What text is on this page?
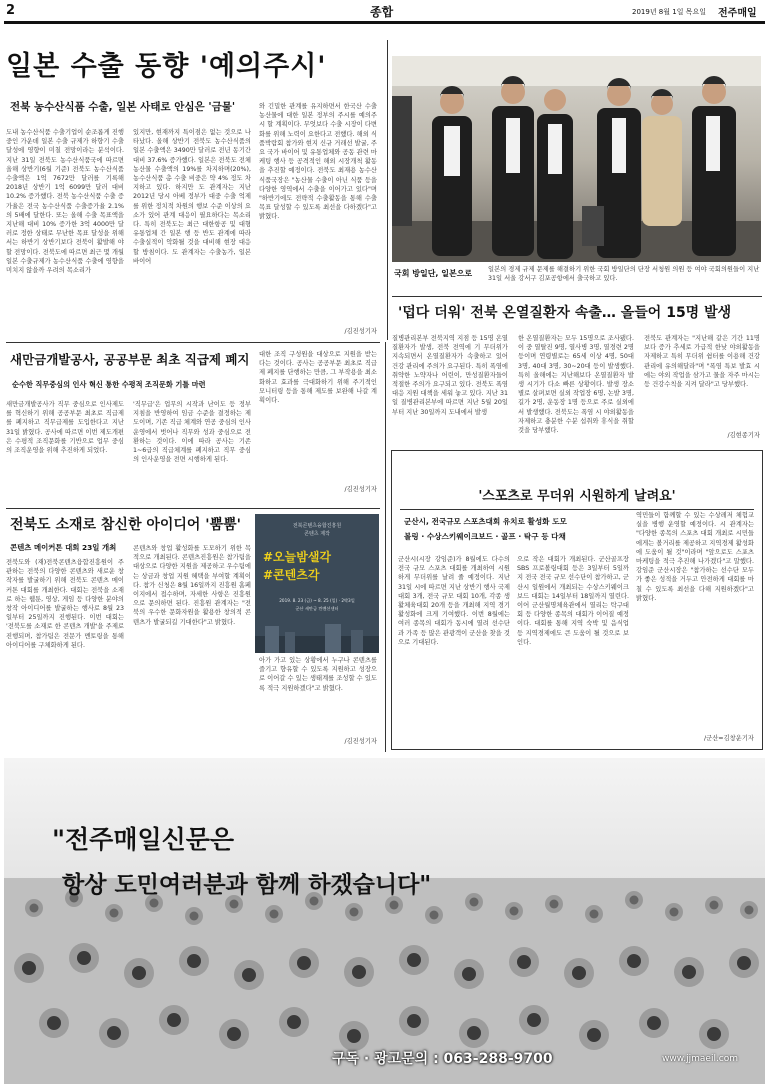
2	종합	2019년 8월 1일 목요일 전주매일
일본 수출 동향 '예의주시'
전북 농수산식품 수출, 일본 사태로 안심은 '금물'
도내 농수산식품 수출기업이 순조롭게 진행 중인 가운데 일본 수출 규제가 하향기 수출 달성에 영향이 미칠 전망이라는 분석이다. 지난 31일 전북도 농수산식품국에 따르면 올해 상반기(6월 기준) 전북도 농수산식품 수출액은 1억 7672만 달러를 기록해 2018년 상반기 1억 6099만 달러 대비 10.2% 증가했다. 전북 농수산식품 수출 증가율은 전국 농수산식품 수출증가율 2.1%의 5배에 달한다. 또는 올해 수출 목표액을 지난해 대비 10% 증가한 3억 4000만 달러로 정한 상태로 무난한 목표 달성을 위해 서는 하반기 상반기보다 전북이 활발해 야 할 전망이다. 전북도에 따르면 최근 몇 개월 일본 수출규제가 농수산식품 수출에 영향을 미치지 않을까 우려의 목소리가
있지만, 현재까지 특이점은 없는 것으로 나타났다. 올해 상반기 전북도 농수산식품의 일본 수출액은 3490만 달러로 전년 동기간 대비 37.6% 증가했다. 일본은 전북도 전체 농산물 수출액의 19%를 차지하며(20%), 농수산식품 총 수출 비중은 약 4% 정도 차지하고 있다. 하지만 도 관계자는 지난 2012년 당시 아베 정부가 대중 수출 억제를 위한 정치적 차원의 행보 수준 이상의 요소가 있어 관계 대응이 필요하다는 목소리다. 특히 전북도는 최근 대한항공 및 대형 유통업체 간 일본 행 등 반도 관계에 따라 수출실적이 악화될 것을 대비해 현장 대응할 방침이다. 도 관계자는 수출농가, 일본 바이어
와 긴밀한 관계를 유지하면서 한국산 수출농산물에 대한 일본 정부의 주시를 예의주시 할 계획이다. 무엇보다 수출 시장이 다변화를 위해 노력이 요한다고 전했다. 해외 식품박람회 참가와 현지 신규 거래선 발굴, 주요 국가 바이어 및 유통업체와 공동 관련 마케팅 행사 등 공격적인 해외 시장개척 활동을 추진할 예정이다. 전북도 최재용 농수산식품국장은 "농산물 수출이 아닌 식품 등을 다양한 영역에서 수출을 이어가고 있다"며 "하반기에도 전략적 수출활동을 통해 수출 목표 달성할 수 있도록 최선을 다하겠다"고 밝혔다.
/김진성기자
국회 방일단, 일본으로	일본의 경제 규제 문제를 해결하기 위한 국회 방일단의 단장 서청원 의원 등 여야 국회의원들이 지난 31일 서울 강서구 김포공항에서 출국하고 있다.
'덥다 더워' 전북 온열질환자 속출… 올들어 15명 발생
질병관리본부 전북지역 지점 등 15명 온열질환자가 발생, 전북 전역에 기 무더위가 지속되면서 온열질환자가 속출하고 있어 건강 관리에 주의가 요구된다. 특히 폭염에 취약한 노약자나 어린이, 만성질환자들이 적절한 주의가 요구되고 있다. 전북도 폭염 대응 지원 대책을 세워 놓고 있다. 지난 31일 질병관리본부에 따르면 지난 5월 20일부터 지난 30일까지 도내에서 발생
한 온열질환자는 모두 15명으로 조사됐다. 이 중 열탈진 9명, 열사병 3명, 열경련 2명 등이며 연령별로는 65세 이상 4명, 50대 3명, 40대 3명, 30~20대 등이 발생했다. 특히 올해에는 지난해보다 온열질환자 발생 시기가 다소 빠른 상황이다. 발생 장소별로 살펴보면 실외 작업장 6명, 논밭 3명, 길가 2명, 운동장 1명 등으로 주로 실외에서 발생했다. 전북도는 폭염 시 야외활동을 자제하고 충분한 수분 섭취와 휴식을 취할 것을 당부했다.
전북도 관계자는 "지난해 같은 기간 11명보다 증가 추세로 가급적 한낮 야외활동을 자제하고 특히 무더위 쉼터를 이용해 건강관리에 유의해달라"며 "폭염 특보 발효 시에는 야외 작업을 삼가고 물을 자주 마시는 등 건강수칙을 지켜 달라"고 당부했다.
/김현종기자
새만금개발공사, 공공부문 최초 직급제 폐지
순수한 직무중심의 인사 혁신 통한 수평적 조직문화 기틀 마련
새만금개발공사가 직무 중심으로 인사제도를 혁신하기 위해 공공부문 최초로 직급제를 폐지하고 직무급제를 도입한다고 지난 31일 밝혔다. 공사에 따르면 이번 제도개편은 수평적 조직문화를 기반으로 업무 중심의 조직운영을 위해 추진하게 되었다.
'직무급'은 업무의 시작과 난이도 등 정부 지침을 반영하여 임금 수준을 결정하는 제도이며, 기존 직급 체계와 연공 중심의 인사운영에서 벗어나 직무와 성과 중심으로 전환하는 것이다. 이에 따라 공사는 기존 1~6급의 직급체계를 폐지하고 직무 중심의 인사운영을 전면 시행하게 된다.
대한 조직 구성원을 대상으로 지원을 받는다는 것이다. 공사는 공공부문 최초로 직급제 폐지를 단행하는 만큼, 그 부작용을 최소화하고 효과를 극대화하기 위해 주기적인 모니터링 등을 통해 제도를 보완해 나갈 계획이다.
/김진성기자	'스포츠로 무더위 시원하게 날려요'
군산시, 전국규모 스포츠대회 유치로 활성화 도모
볼링 · 수상스키웨이크보드 · 골프 · 탁구 등 다채
군산시(시장 강임준)가 8월에도 다수의 전국 규모 스포츠 대회를 개최하여 시원하게 무더위를 날려 줄 예정이다. 지난 31일 시에 따르면 지난 상반기 행사 국제대회 3개, 전국 규모 대회 10개, 각종 생활체육대회 20개 등을 개최해 지역 경기 활성화에 크게 기여했다. 이번 8월에는 여러 종목의 대회가 동시에 열려 선수단과 가족 등 많은 관광객이 군산을 찾을 것으로 기대된다.
으로 작은 대회가 개최된다. 군산골프장 SBS 프로볼링대회 등은 3일부터 5일까지 전국 전국 규모 선수단이 참가하고, 군산시 일원에서 개최되는 수상스키웨이크보드 대회는 14일부터 18일까지 열린다. 이어 군산월명체육관에서 열리는 탁구대회 등 다양한 종목의 대회가 이어질 예정이다. 대회를 통해 지역 숙박 및 음식업 등 지역경제에도 큰 도움이 될 것으로 보인다.
역민들이 함께할 수 있는 수상레저 체험교실을 병행 운영할 예정이다. 시 관계자는 "다양한 종목의 스포츠 대회 개최로 시민들에게는 볼거리를 제공하고 지역경제 활성화에 도움이 될 것"이라며 "앞으로도 스포츠 마케팅을 적극 추진해 나가겠다"고 말했다. 강임준 군산시장은 "참가하는 선수단 모두가 좋은 성적을 거두고 안전하게 대회를 마칠 수 있도록 최선을 다해 지원하겠다"고 밝혔다.
/군산=김창운기자
전북도 소재로 참신한 아이디어 '뿜뿜'
콘텐츠 메이커톤 대회 23일 개최
전북도와 (재)전북콘텐츠융합진흥원이 주관하는 전북의 다양한 콘텐츠와 새로운 창작자를 발굴하기 위해 전북도 콘텐츠 메이커톤 대회를 개최한다. 대회는 전북을 소재로 하는 웹툰, 영상, 게임 등 다양한 분야의 창작 아이디어를 발굴하는 행사로 8월 23일부터 25일까지 진행된다. 이번 대회는 '전북도를 소재로 한 콘텐츠 개발'을 주제로 진행되며, 참가팀은 전문가 멘토링을 통해 아이디어를 구체화하게 된다.
콘텐츠와 창업 활성화를 도모하기 위한 목적으로 개최된다. 콘텐츠진흥원은 참가팀을 대상으로 다양한 지원을 제공하고 우수팀에는 상금과 창업 지원 혜택을 부여할 계획이다. 참가 신청은 8월 16일까지 진흥원 홈페이지에서 접수하며, 자세한 사항은 진흥원으로 문의하면 된다. 진흥원 관계자는 "전북의 우수한 문화자원을 활용한 창의적 콘텐츠가 발굴되길 기대한다"고 밝혔다.
아가 가고 있는 상황에서 누구나 콘텐츠를 즐기고 향유할 수 있도록 지원하고 성장으로 이어갈 수 있는 생태계를 조성할 수 있도록 적극 지원하겠다"고 밝혔다.
/김진성기자
전북콘텐츠융합진흥원
콘텐츠 제작
#오늘밤샐각
#콘텐츠각
2019. 8. 23 (금) ~ 8. 25 (일) · 2박3일
군산 새만금 컨벤션센터
"전주매일신문은
항상 도민여러분과 함께 하겠습니다"
구독 · 광고문의 : 063-288-9700	www.jjmaeil.com
